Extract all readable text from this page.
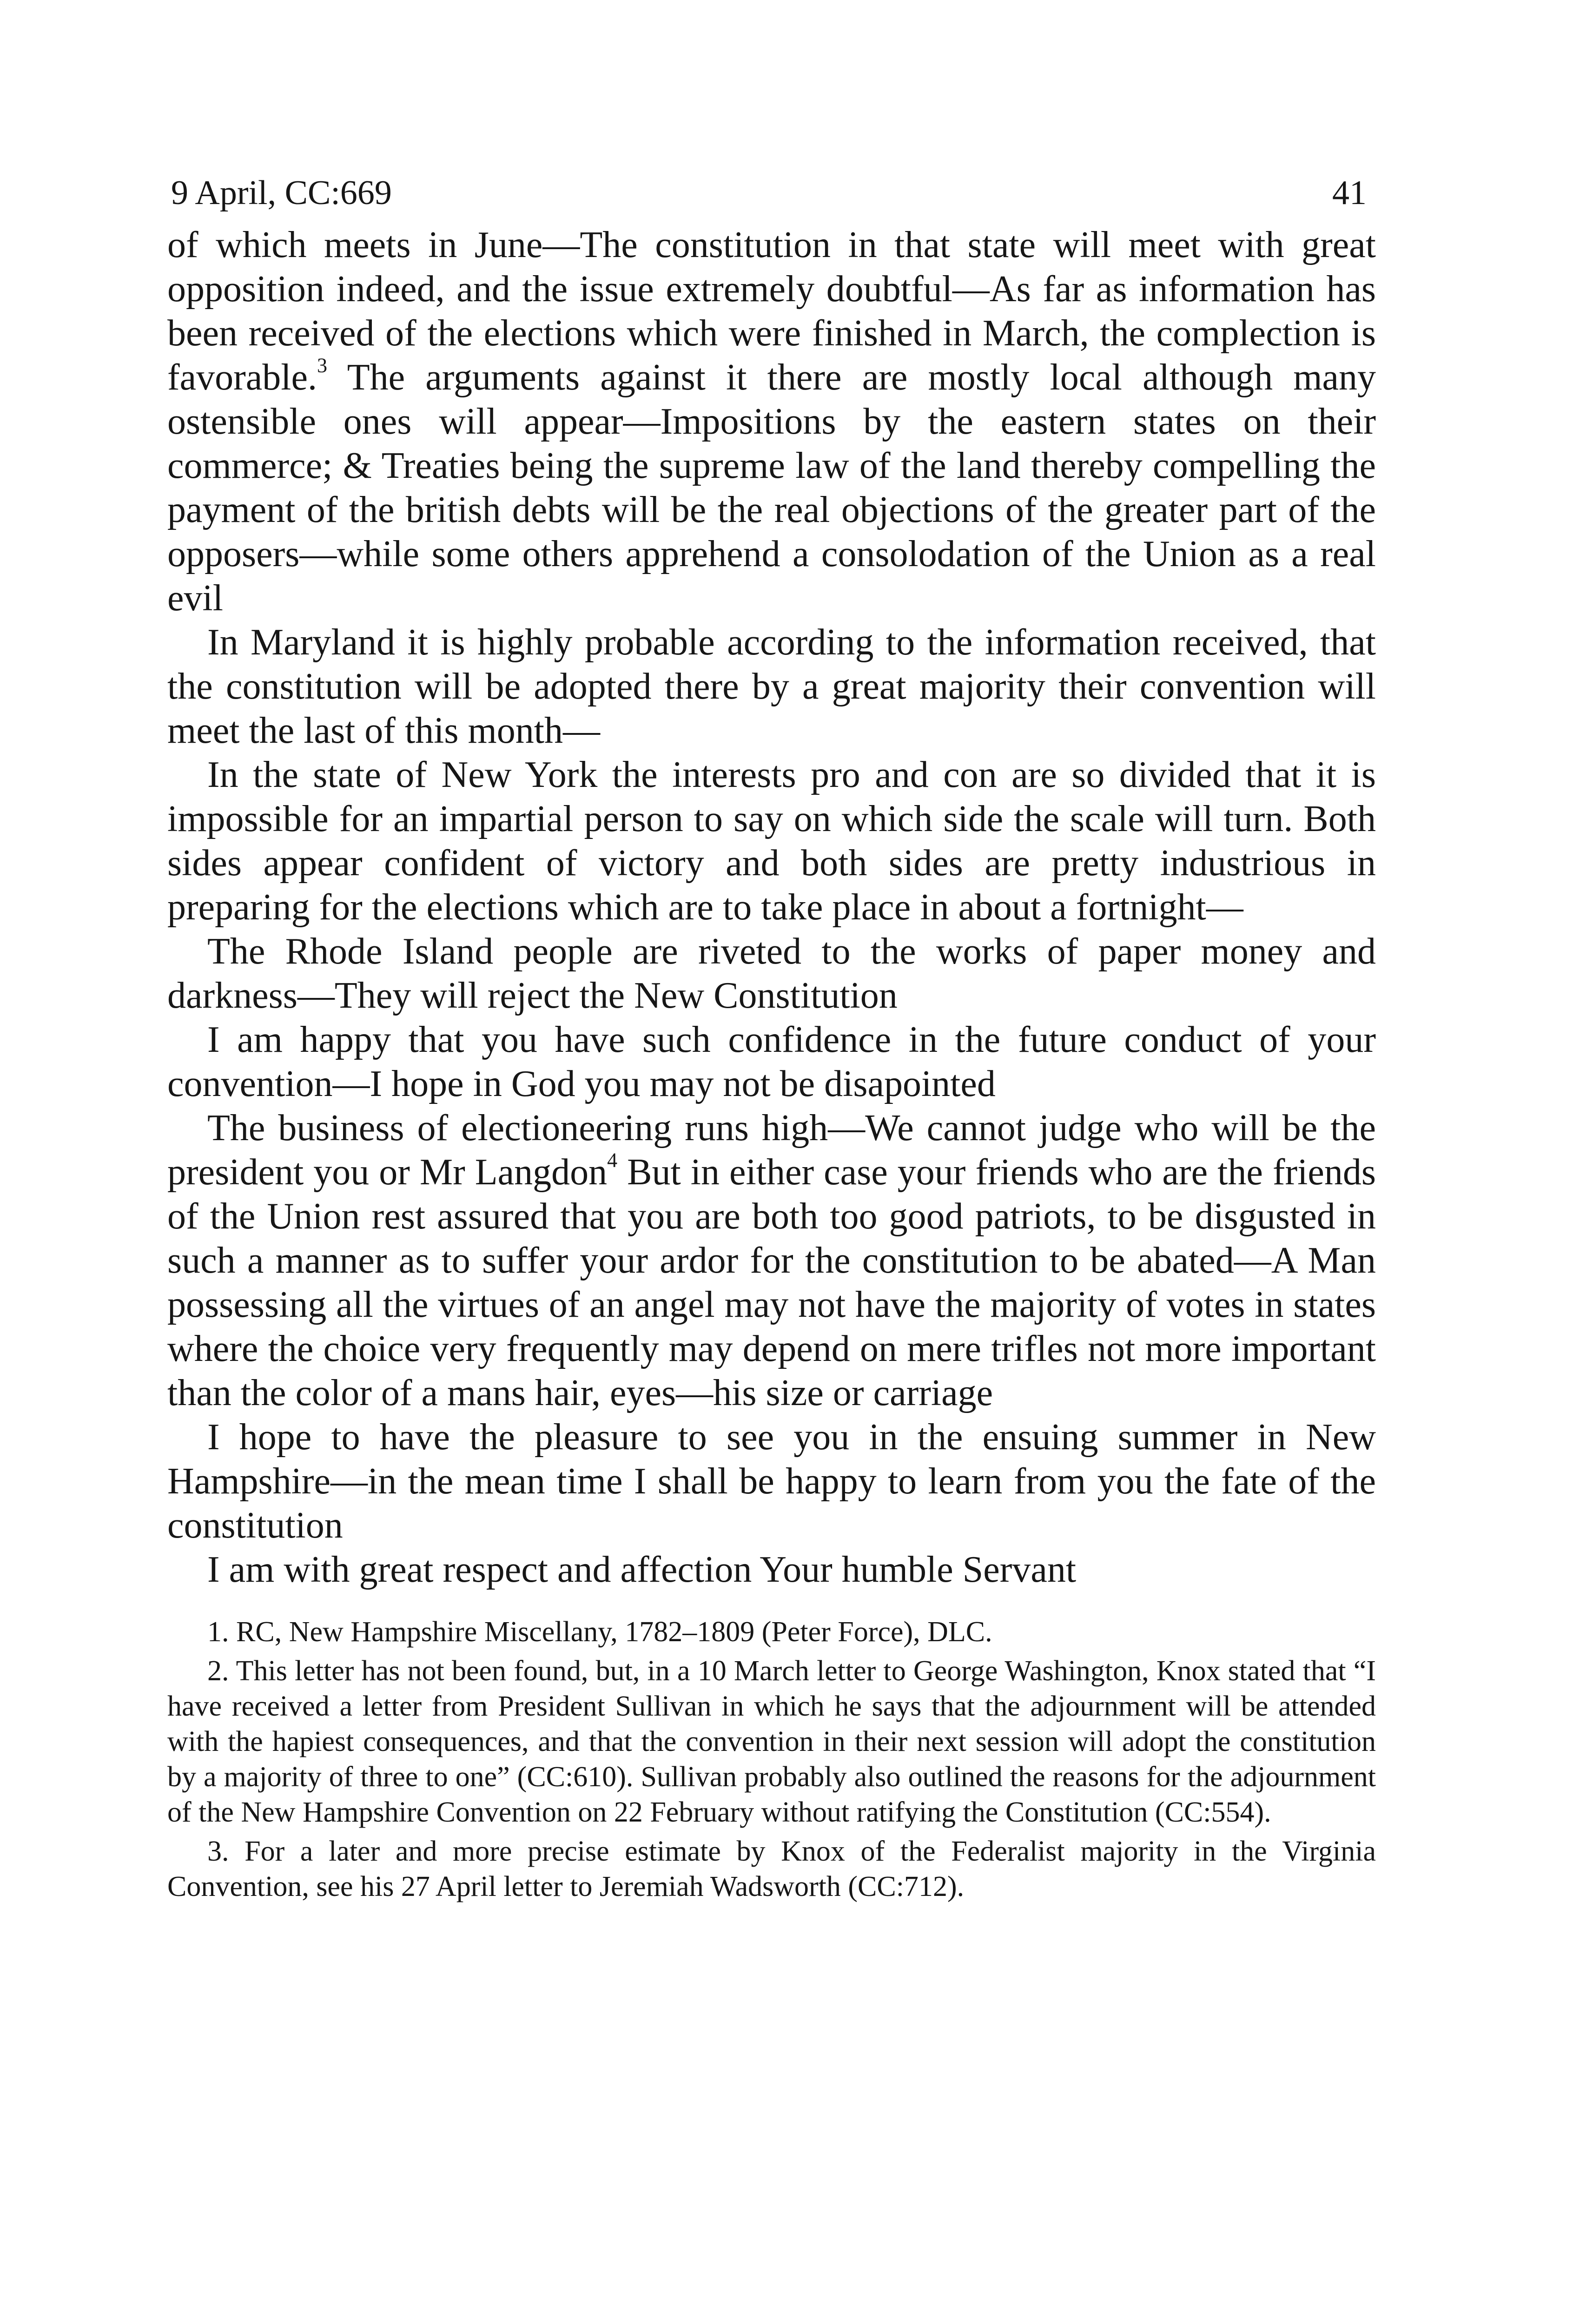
9 April, CC:669	41

of which meets in June—The constitution in that state will meet with great opposition indeed, and the issue extremely doubtful—As far as information has been received of the elections which were finished in March, the complection is favorable.$^3$ The arguments against it there are mostly local although many ostensible ones will appear—Impositions by the eastern states on their commerce; & Treaties being the supreme law of the land thereby compelling the payment of the british debts will be the real objections of the greater part of the opposers—while some others apprehend a consolodation of the Union as a real evil

In Maryland it is highly probable according to the information received, that the constitution will be adopted there by a great majority their convention will meet the last of this month—

In the state of New York the interests pro and con are so divided that it is impossible for an impartial person to say on which side the scale will turn. Both sides appear confident of victory and both sides are pretty industrious in preparing for the elections which are to take place in about a fortnight—

The Rhode Island people are riveted to the works of paper money and darkness—They will reject the New Constitution

I am happy that you have such confidence in the future conduct of your convention—I hope in God you may not be disapointed

The business of electioneering runs high—We cannot judge who will be the president you or Mr Langdon$^4$ But in either case your friends who are the friends of the Union rest assured that you are both too good patriots, to be disgusted in such a manner as to suffer your ardor for the constitution to be abated—A Man possessing all the virtues of an angel may not have the majority of votes in states where the choice very frequently may depend on mere trifles not more important than the color of a mans hair, eyes—his size or carriage

I hope to have the pleasure to see you in the ensuing summer in New Hampshire—in the mean time I shall be happy to learn from you the fate of the constitution

I am with great respect and affection Your humble Servant

1. RC, New Hampshire Miscellany, 1782–1809 (Peter Force), DLC.

2. This letter has not been found, but, in a 10 March letter to George Washington, Knox stated that “I have received a letter from President Sullivan in which he says that the adjournment will be attended with the hapiest consequences, and that the convention in their next session will adopt the constitution by a majority of three to one” (CC:610). Sullivan probably also outlined the reasons for the adjournment of the New Hampshire Convention on 22 February without ratifying the Constitution (CC:554).

3. For a later and more precise estimate by Knox of the Federalist majority in the Virginia Convention, see his 27 April letter to Jeremiah Wadsworth (CC:712).
